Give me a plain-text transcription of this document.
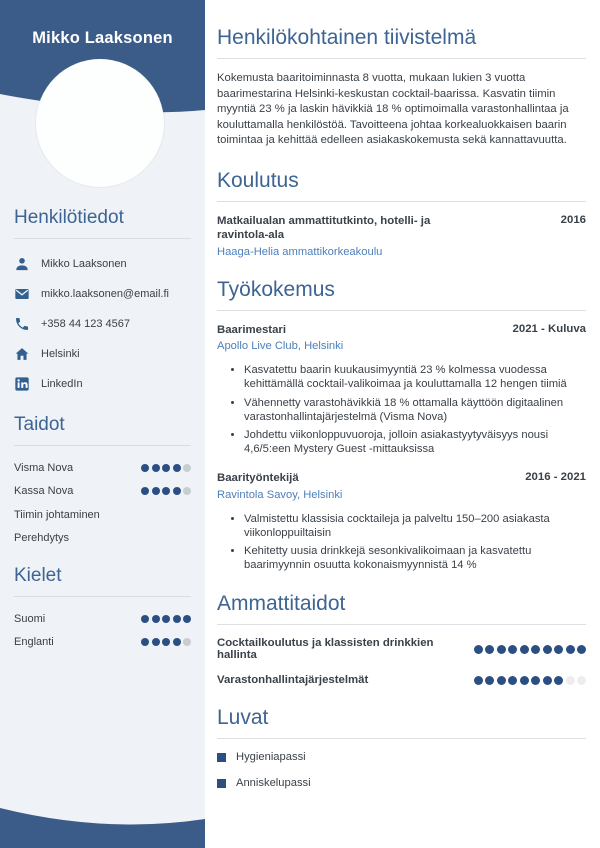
Mikko Laaksonen
Henkilötiedot
Mikko Laaksonen
mikko.laaksonen@email.fi
+358 44 123 4567
Helsinki
LinkedIn
Taidot
Visma Nova
Kassa Nova
Tiimin johtaminen
Perehdytys
Kielet
Suomi
Englanti
Henkilökohtainen tiivistelmä

Kokemusta baaritoiminnasta 8 vuotta, mukaan lukien 3 vuotta baarimestarina Helsinki-keskustan cocktail-baarissa. Kasvatin tiimin myyntiä 23 % ja laskin hävikkiä 18 % optimoimalla varastonhallintaa ja kouluttamalla henkilöstöä. Tavoitteena johtaa korkealuokkaisen baarin toimintaa ja kehittää edelleen asiakaskokemusta sekä kannattavuutta.

Koulutus
Matkailualan ammattitutkinto, hotelli- ja ravintola-ala
2016
Haaga-Helia ammattikorkeakoulu
Työkokemus
Baarimestari	2021 - Kuluva
Apollo Live Club, Helsinki
• Kasvatettu baarin kuukausimyyntiä 23 % kolmessa vuodessa kehittämällä cocktail-valikoimaa ja kouluttamalla 12 hengen tiimiä
• Vähennetty varastohävikkiä 18 % ottamalla käyttöön digitaalinen varastonhallintajärjestelmä (Visma Nova)
• Johdettu viikonloppuvuoroja, jolloin asiakastyytyväisyys nousi 4,6/5:een Mystery Guest -mittauksissa
Baarityöntekijä	2016 - 2021
Ravintola Savoy, Helsinki
• Valmistettu klassisia cocktaileja ja palveltu 150–200 asiakasta viikonloppuiltaisin
• Kehitetty uusia drinkkejä sesonkivalikoimaan ja kasvatettu baarimyynnin osuutta kokonaismyynnistä 14 %
Ammattitaidot
Cocktailkoulutus ja klassisten drinkkien hallinta
Varastonhallintajärjestelmät
Luvat
Hygieniapassi
Anniskelupassi
